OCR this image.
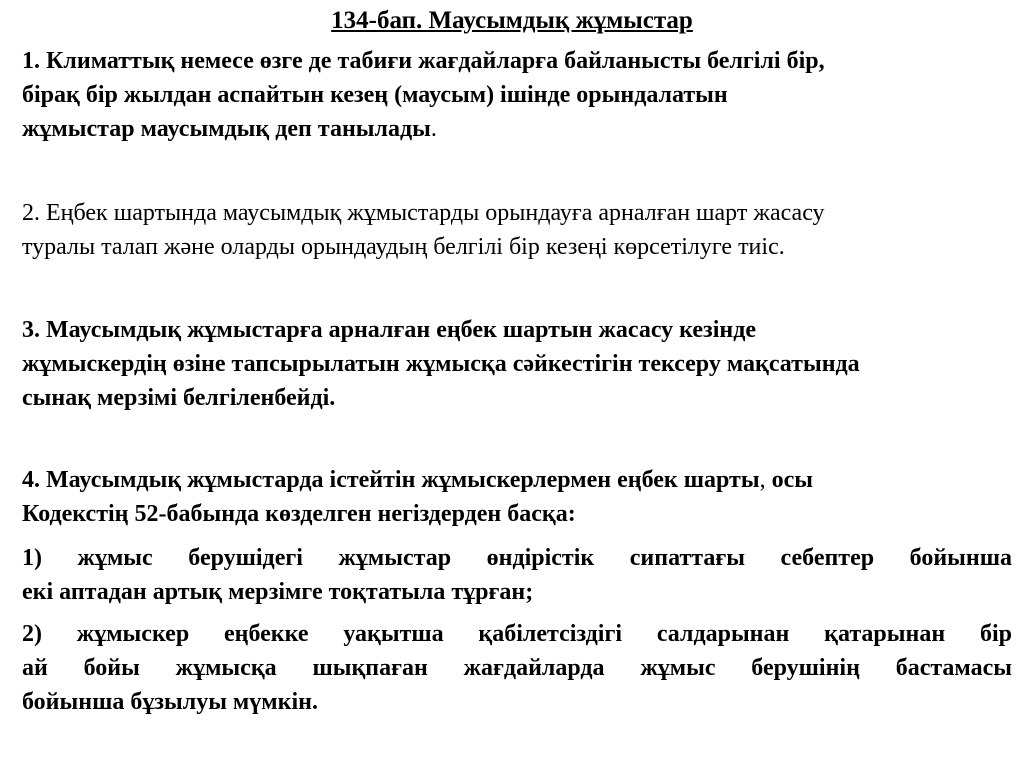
134-бап. Маусымдық жұмыстар
1. Климаттық немесе өзге де табиғи жағдайларға байланысты белгілі бір,
бірақ бір жылдан аспайтын кезең (маусым) ішінде орындалатын
жұмыстар маусымдық деп танылады.
2. Еңбек шартында маусымдық жұмыстарды орындауға арналған шарт жасасу
туралы талап және оларды орындаудың белгілі бір кезеңі көрсетілуге тиіс.
3. Маусымдық жұмыстарға арналған еңбек шартын жасасу кезінде
жұмыскердің өзіне тапсырылатын жұмысқа сәйкестігін тексеру мақсатында
сынақ мерзімі белгіленбейді.
4. Маусымдық жұмыстарда істейтін жұмыскерлермен еңбек шарты, осы
Кодекстің 52-бабында көзделген негіздерден басқа:
1) жұмыс берушідегі жұмыстар өндірістік сипаттағы себептер бойынша
екі аптадан артық мерзімге тоқтатыла тұрған;
2) жұмыскер еңбекке уақытша қабілетсіздігі салдарынан қатарынан бір
ай бойы жұмысқа шықпаған жағдайларда жұмыс берушінің бастамасы
бойынша бұзылуы мүмкін.
